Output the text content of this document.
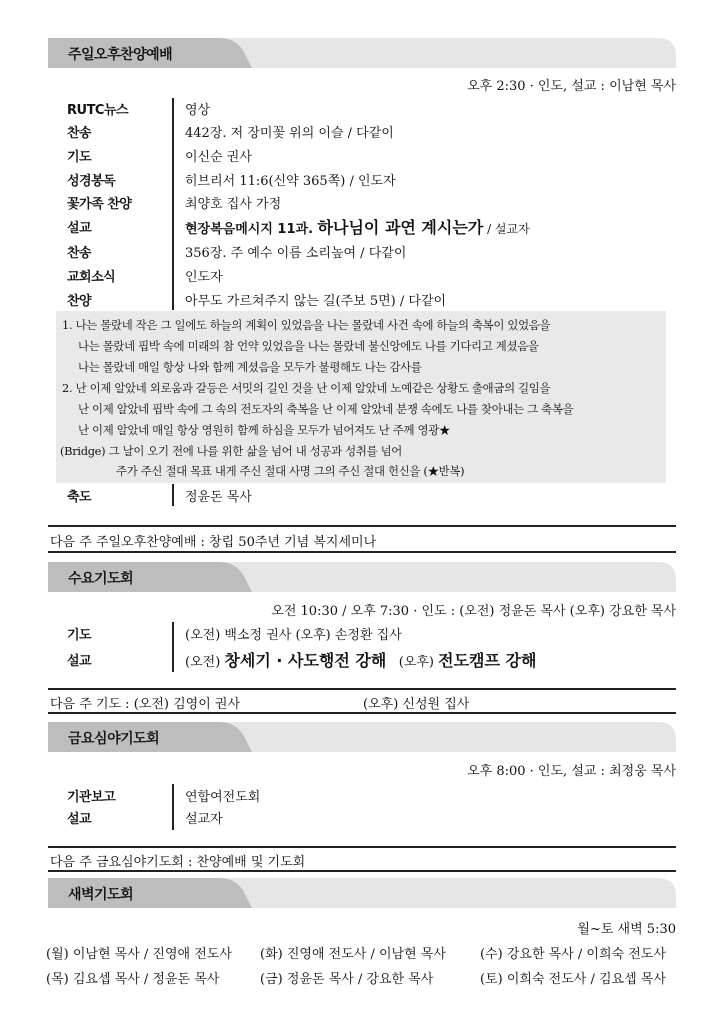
주일오후찬양예배
오후 2:30 · 인도, 설교 : 이남현 목사
RUTC뉴스	영상
찬송	442장. 저 장미꽃 위의 이슬 / 다같이
기도	이신순 권사
성경봉독	히브리서 11:6(신약 365쪽) / 인도자
꽃가족 찬양	최양호 집사 가정
설교	현장복음메시지 11과. 하나님이 과연 계시는가 / 설교자
찬송	356장. 주 예수 이름 소리높여 / 다같이
교회소식	인도자
찬양	아무도 가르쳐주지 않는 길(주보 5면) / 다같이
1. 나는 몰랐네 작은 그 일에도 하늘의 계획이 있었음을 나는 몰랐네 사건 속에 하늘의 축복이 있었음을
나는 몰랐네 핍박 속에 미래의 참 언약 있었음을 나는 몰랐네 불신앙에도 나를 기다리고 계셨음을
나는 몰랐네 매일 항상 나와 함께 계셨음을 모두가 불평해도 나는 감사를
2. 난 이제 알았네 외로움과 갈등은 서밋의 길인 것을 난 이제 알았네 노예같은 상황도 출애굽의 길임을
난 이제 알았네 핍박 속에 그 속의 전도자의 축복을 난 이제 알았네 분쟁 속에도 나를 찾아내는 그 축복을
난 이제 알았네 매일 항상 영원히 함께 하심을 모두가 넘어져도 난 주께 영광★
(Bridge) 그 날이 오기 전에 나를 위한 삶을 넘어 내 성공과 성취를 넘어
주가 주신 절대 목표 내게 주신 절대 사명 그의 주신 절대 헌신을 (★반복)
축도	정윤돈 목사
다음 주 주일오후찬양예배 : 창립 50주년 기념 복지세미나
수요기도회
오전 10:30 / 오후 7:30 · 인도 : (오전) 정윤돈 목사 (오후) 강요한 목사
기도	(오전) 백소정 권사 (오후) 손정환 집사
설교	(오전) 창세기 · 사도행전 강해 (오후) 전도캠프 강해
다음 주 기도 : (오전) 김영이 권사	(오후) 신성원 집사
금요심야기도회
오후 8:00 · 인도, 설교 : 최정웅 목사
기관보고	연합여전도회
설교	설교자
다음 주 금요심야기도회 : 찬양예배 및 기도회
새벽기도회
월~토 새벽 5:30
(월) 이남현 목사 / 진영애 전도사 (화) 진영애 전도사 / 이남현 목사	(수) 강요한 목사 / 이희숙 전도사
(목) 김요셉 목사 / 정윤돈 목사	(금) 정윤돈 목사 / 강요한 목사	(토) 이희숙 전도사 / 김요셉 목사
